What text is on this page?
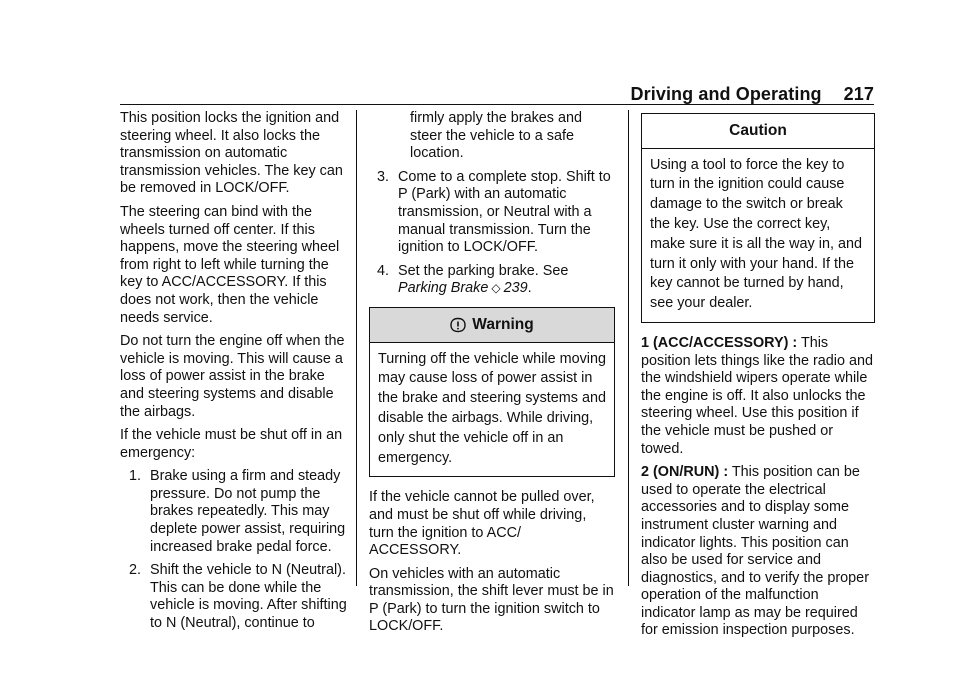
Driving and Operating 217

This position locks the ignition and steering wheel. It also locks the transmission on automatic transmission vehicles. The key can be removed in LOCK/OFF.

The steering can bind with the wheels turned off center. If this happens, move the steering wheel from right to left while turning the key to ACC/ACCESSORY. If this does not work, then the vehicle needs service.

Do not turn the engine off when the vehicle is moving. This will cause a loss of power assist in the brake and steering systems and disable the airbags.

If the vehicle must be shut off in an emergency:

1. Brake using a firm and steady pressure. Do not pump the brakes repeatedly. This may deplete power assist, requiring increased brake pedal force.
2. Shift the vehicle to N (Neutral). This can be done while the vehicle is moving. After shifting to N (Neutral), continue to
firmly apply the brakes and steer the vehicle to a safe location.
3. Come to a complete stop. Shift to P (Park) with an automatic transmission, or Neutral with a manual transmission. Turn the ignition to LOCK/OFF.
4. Set the parking brake. See
Parking Brake ◇ 239.
Warning
Turning off the vehicle while moving may cause loss of power assist in the brake and steering systems and disable the airbags. While driving, only shut the vehicle off in an emergency.

If the vehicle cannot be pulled over, and must be shut off while driving, turn the ignition to ACC/ ACCESSORY.

On vehicles with an automatic transmission, the shift lever must be in P (Park) to turn the ignition switch to LOCK/OFF.

Caution
Using a tool to force the key to turn in the ignition could cause damage to the switch or break the key. Use the correct key, make sure it is all the way in, and turn it only with your hand. If the key cannot be turned by hand, see your dealer.

1 (ACC/ACCESSORY) : This position lets things like the radio and the windshield wipers operate while the engine is off. It also unlocks the steering wheel. Use this position if the vehicle must be pushed or towed.

2 (ON/RUN) : This position can be used to operate the electrical accessories and to display some instrument cluster warning and indicator lights. This position can also be used for service and diagnostics, and to verify the proper operation of the malfunction indicator lamp as may be required for emission inspection purposes.
